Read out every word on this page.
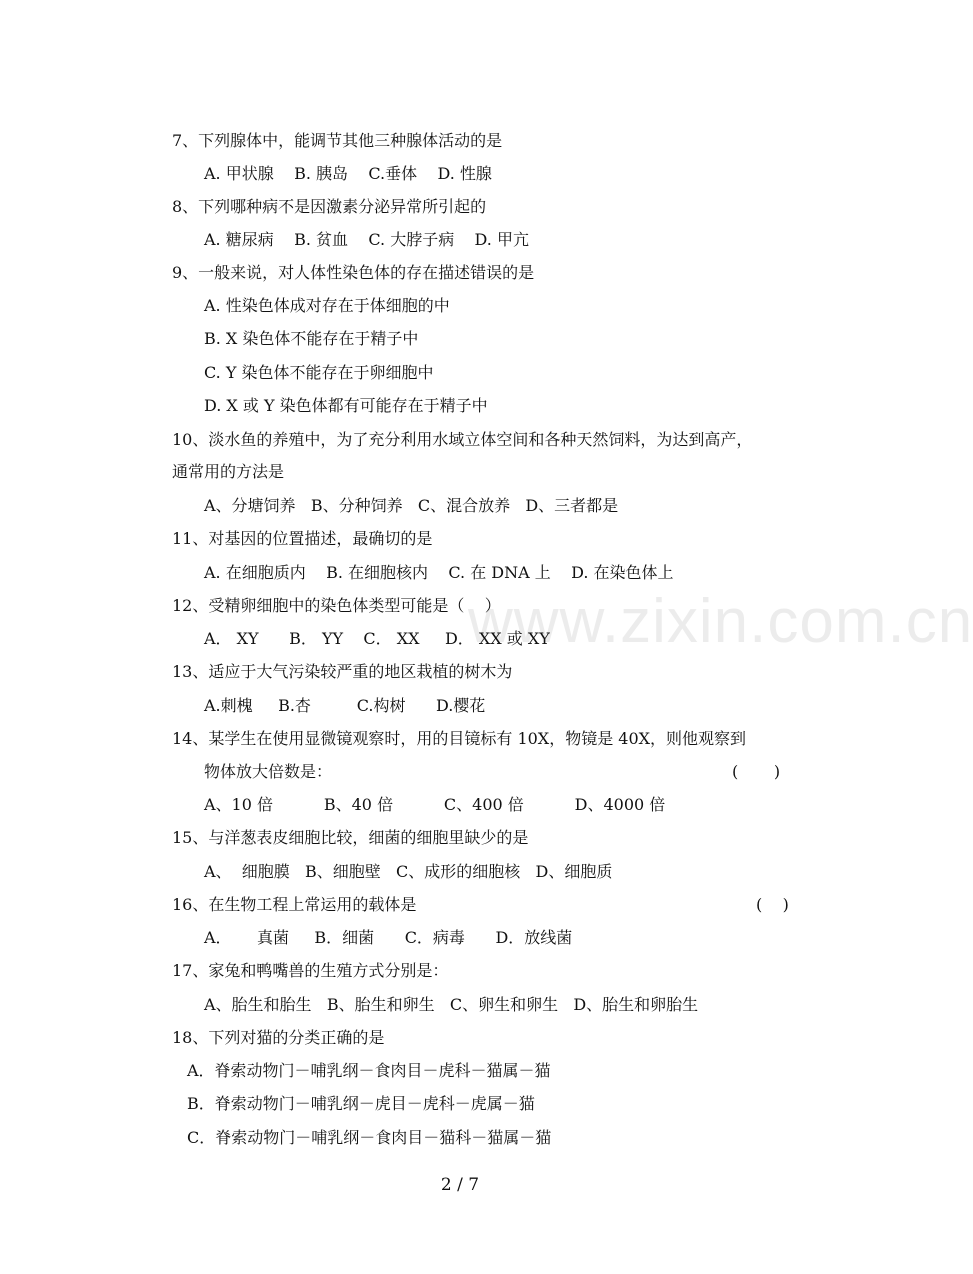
www.zixin.com.cn
7、下列腺体中，能调节其他三种腺体活动的是
A. 甲状腺    B. 胰岛    C.垂体    D. 性腺
8、下列哪种病不是因激素分泌异常所引起的
A. 糖尿病    B. 贫血    C. 大脖子病    D. 甲亢
9、一般来说，对人体性染色体的存在描述错误的是
A. 性染色体成对存在于体细胞的中
B. X 染色体不能存在于精子中
C. Y 染色体不能存在于卵细胞中
D. X 或 Y 染色体都有可能存在于精子中
10、淡水鱼的养殖中，为了充分利用水域立体空间和各种天然饲料，为达到高产，
通常用的方法是
A、分塘饲养   B、分种饲养   C、混合放养   D、三者都是
11、对基因的位置描述，最确切的是
A. 在细胞质内    B. 在细胞核内    C. 在 DNA 上    D. 在染色体上
12、受精卵细胞中的染色体类型可能是（    ）
A． XY      B． YY    C． XX     D． XX 或 XY
13、适应于大气污染较严重的地区栽植的树木为
A.刺槐     B.杏         C.构树      D.樱花
14、某学生在使用显微镜观察时，用的目镜标有 10X，物镜是 40X，则他观察到
物体放大倍数是：	(       )
A、10 倍          B、40 倍          C、400 倍          D、4000 倍
15、与洋葱表皮细胞比较，细菌的细胞里缺少的是
A、  细胞膜   B、细胞壁   C、成形的细胞核   D、细胞质
16、在生物工程上常运用的载体是	(    )
A．     真菌     B．细菌      C．病毒      D．放线菌
17、家兔和鸭嘴兽的生殖方式分别是：
A、胎生和胎生   B、胎生和卵生   C、卵生和卵生   D、胎生和卵胎生
18、下列对猫的分类正确的是
A．脊索动物门－哺乳纲－食肉目－虎科－猫属－猫
B．脊索动物门－哺乳纲－虎目－虎科－虎属－猫
C．脊索动物门－哺乳纲－食肉目－猫科－猫属－猫
2 / 7
